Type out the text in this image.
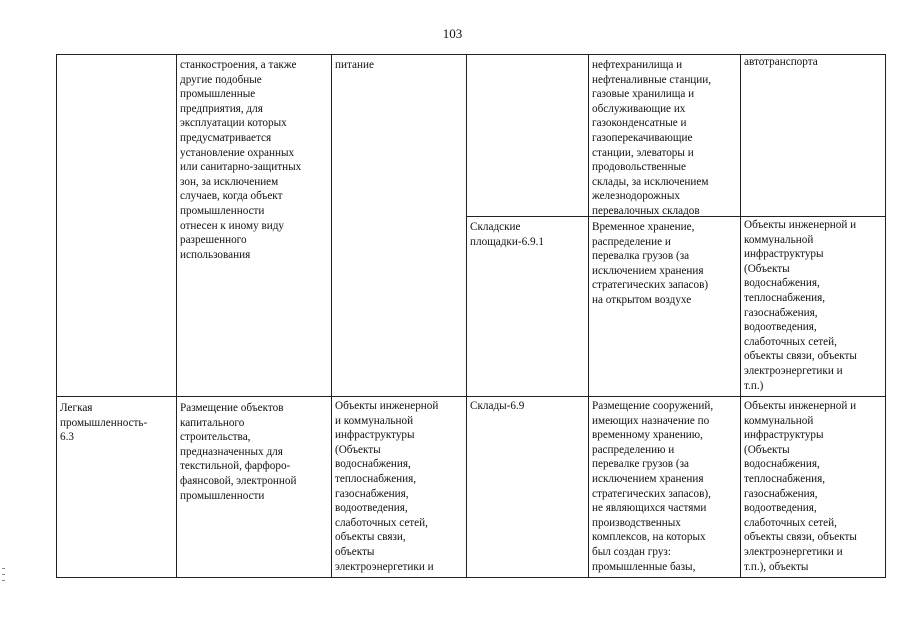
103
станкостроения, а также
другие подобные
промышленные
предприятия, для
эксплуатации которых
предусматривается
установление охранных
или санитарно-защитных
зон, за исключением
случаев, когда объект
промышленности
отнесен к иному виду
разрешенного
использования
питание	нефтехранилища и
нефтеналивные станции,
газовые хранилища и
обслуживающие их
газоконденсатные и
газоперекачивающие
станции, элеваторы и
продовольственные
склады, за исключением
железнодорожных
перевалочных складов
автотранспорта
Складские
площадки-6.9.1
Временное хранение,
распределение и
перевалка грузов (за
исключением хранения
стратегических запасов)
на открытом воздухе
Объекты инженерной и
коммунальной
инфраструктуры
(Объекты
водоснабжения,
теплоснабжения,
газоснабжения,
водоотведения,
слаботочных сетей,
объекты связи, объекты
электроэнергетики и
т.п.)
Легкая
промышленность-
6.3
Размещение объектов
капитального
строительства,
предназначенных для
текстильной, фарфоро-
фаянсовой, электронной
промышленности
Объекты инженерной
и коммунальной
инфраструктуры
(Объекты
водоснабжения,
теплоснабжения,
газоснабжения,
водоотведения,
слаботочных сетей,
объекты связи,
объекты
электроэнергетики и
Склады-6.9	Размещение сооружений,
имеющих назначение по
временному хранению,
распределению и
перевалке грузов (за
исключением хранения
стратегических запасов),
не являющихся частями
производственных
комплексов, на которых
был создан груз:
промышленные базы,
Объекты инженерной и
коммунальной
инфраструктуры
(Объекты
водоснабжения,
теплоснабжения,
газоснабжения,
водоотведения,
слаботочных сетей,
объекты связи, объекты
электроэнергетики и
т.п.), объекты
